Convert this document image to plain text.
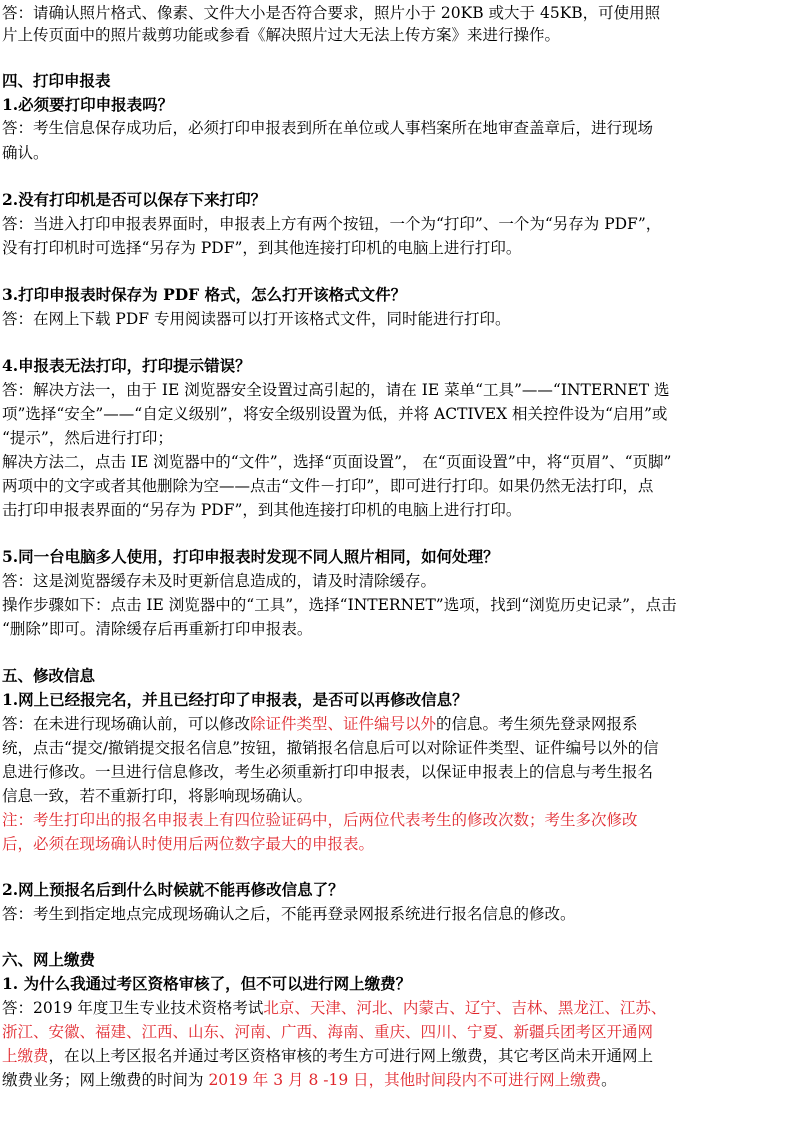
答：请确认照片格式、像素、文件大小是否符合要求，照片小于 20KB 或大于 45KB，可使用照
片上传页面中的照片裁剪功能或参看《解决照片过大无法上传方案》来进行操作。
四、打印申报表
1.必须要打印申报表吗？
答：考生信息保存成功后，必须打印申报表到所在单位或人事档案所在地审查盖章后，进行现场
确认。
2.没有打印机是否可以保存下来打印？
答：当进入打印申报表界面时，申报表上方有两个按钮，一个为“打印”、一个为“另存为 PDF”，
没有打印机时可选择“另存为 PDF”，到其他连接打印机的电脑上进行打印。
3.打印申报表时保存为 PDF 格式，怎么打开该格式文件？
答：在网上下载 PDF 专用阅读器可以打开该格式文件，同时能进行打印。
4.申报表无法打印，打印提示错误？
答：解决方法一，由于 IE 浏览器安全设置过高引起的，请在 IE 菜单“工具”——“INTERNET 选
项”选择“安全”——“自定义级别”，将安全级别设置为低，并将 ACTIVEX 相关控件设为“启用”或
“提示”，然后进行打印；
解决方法二，点击 IE 浏览器中的“文件”，选择“页面设置”， 在“页面设置”中，将“页眉”、“页脚”
两项中的文字或者其他删除为空——点击“文件－打印”，即可进行打印。如果仍然无法打印，点
击打印申报表界面的“另存为 PDF”，到其他连接打印机的电脑上进行打印。
5.同一台电脑多人使用，打印申报表时发现不同人照片相同，如何处理？
答：这是浏览器缓存未及时更新信息造成的，请及时清除缓存。
操作步骤如下：点击 IE 浏览器中的“工具”，选择“INTERNET”选项，找到“浏览历史记录”，点击
“删除”即可。清除缓存后再重新打印申报表。
五、修改信息
1.网上已经报完名，并且已经打印了申报表，是否可以再修改信息？
答：在未进行现场确认前，可以修改除证件类型、证件编号以外的信息。考生须先登录网报系
统，点击“提交/撤销提交报名信息”按钮，撤销报名信息后可以对除证件类型、证件编号以外的信
息进行修改。一旦进行信息修改，考生必须重新打印申报表，以保证申报表上的信息与考生报名
信息一致，若不重新打印，将影响现场确认。
注：考生打印出的报名申报表上有四位验证码中，后两位代表考生的修改次数；考生多次修改
后，必须在现场确认时使用后两位数字最大的申报表。
2.网上预报名后到什么时候就不能再修改信息了？
答：考生到指定地点完成现场确认之后，不能再登录网报系统进行报名信息的修改。
六、网上缴费
1. 为什么我通过考区资格审核了，但不可以进行网上缴费？
答：2019 年度卫生专业技术资格考试北京、天津、河北、内蒙古、辽宁、吉林、黑龙江、江苏、
浙江、安徽、福建、江西、山东、河南、广西、海南、重庆、四川、宁夏、新疆兵团考区开通网
上缴费，在以上考区报名并通过考区资格审核的考生方可进行网上缴费，其它考区尚未开通网上
缴费业务；网上缴费的时间为 2019 年 3 月 8 -19 日，其他时间段内不可进行网上缴费。
